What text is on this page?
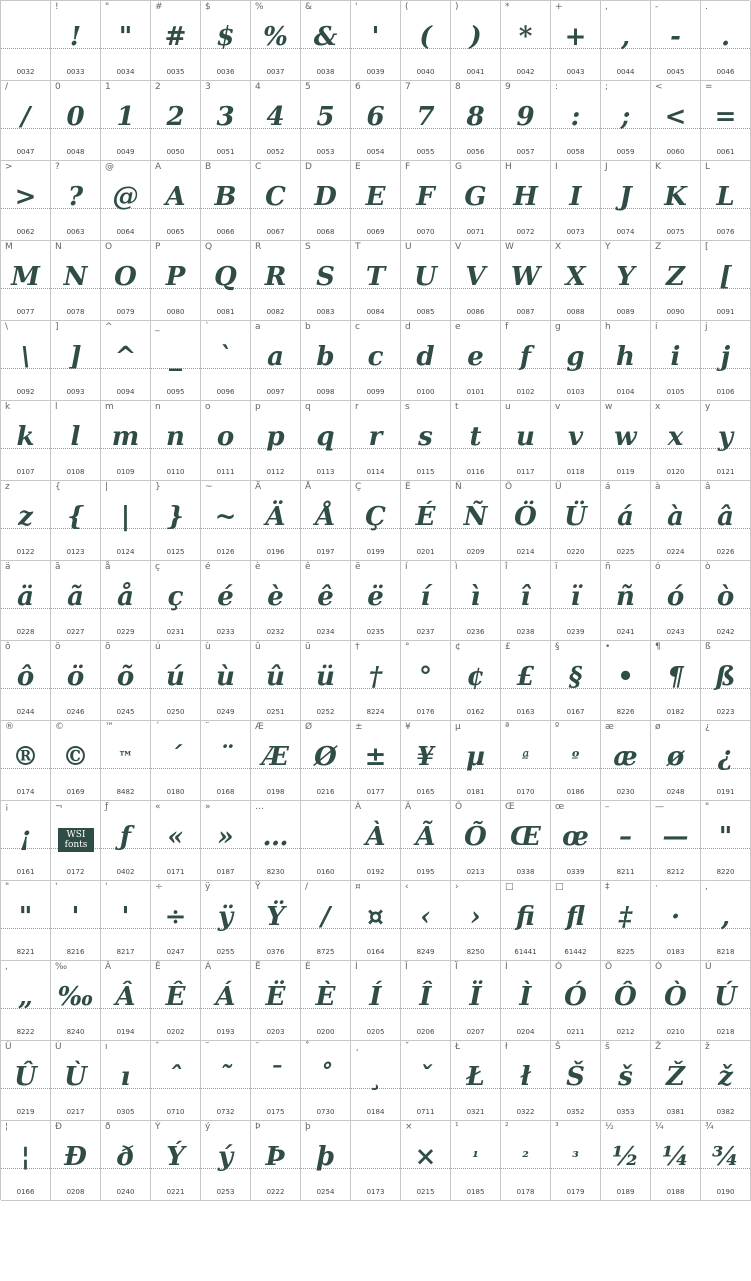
0032
!
!
0033
"
"
0034
#
#
0035
$
$
0036
%
%
0037
&
&
0038
'
'
0039
(
(
0040
)
)
0041
*
*
0042
+
+
0043
,
,
0044
-
-
0045
.
.
0046
/
/
0047
0
0
0048
1
1
0049
2
2
0050
3
3
0051
4
4
0052
5
5
0053
6
6
0054
7
7
0055
8
8
0056
9
9
0057
:
:
0058
;
;
0059
<
<
0060
=
=
0061
>
>
0062
?
?
0063
@
@
0064
A
A
0065
B
B
0066
C
C
0067
D
D
0068
E
E
0069
F
F
0070
G
G
0071
H
H
0072
I
I
0073
J
J
0074
K
K
0075
L
L
0076
M
M
0077
N
N
0078
O
O
0079
P
P
0080
Q
Q
0081
R
R
0082
S
S
0083
T
T
0084
U
U
0085
V
V
0086
W
W
0087
X
X
0088
Y
Y
0089
Z
Z
0090
[
[
0091
\
\
0092
]
]
0093
^
^
0094
_
_
0095
`
`
0096
a
a
0097
b
b
0098
c
c
0099
d
d
0100
e
e
0101
f
f
0102
g
g
0103
h
h
0104
i
i
0105
j
j
0106
k
k
0107
l
l
0108
m
m
0109
n
n
0110
o
o
0111
p
p
0112
q
q
0113
r
r
0114
s
s
0115
t
t
0116
u
u
0117
v
v
0118
w
w
0119
x
x
0120
y
y
0121
z
z
0122
{
{
0123
|
|
0124
}
}
0125
~
~
0126
Ä
Ä
0196
Å
Å
0197
Ç
Ç
0199
É
É
0201
Ñ
Ñ
0209
Ö
Ö
0214
Ü
Ü
0220
á
á
0225
à
à
0224
â
â
0226
ä
ä
0228
ã
ã
0227
å
å
0229
ç
ç
0231
é
é
0233
è
è
0232
ê
ê
0234
ë
ë
0235
í
í
0237
ì
ì
0236
î
î
0238
ï
ï
0239
ñ
ñ
0241
ó
ó
0243
ò
ò
0242
ô
ô
0244
ö
ö
0246
õ
õ
0245
ú
ú
0250
ù
ù
0249
û
û
0251
ü
ü
0252
†
†
8224
°
°
0176
¢
¢
0162
£
£
0163
§
§
0167
•
•
8226
¶
¶
0182
ß
ß
0223
®
®
0174
©
©
0169
™
™
8482
´
´
0180
¨
¨
0168
Æ
Æ
0198
Ø
Ø
0216
±
±
0177
¥
¥
0165
µ
µ
0181
ª
ª
0170
º
º
0186
æ
æ
0230
ø
ø
0248
¿
¿
0191
¡
¡
0161
¬
WSI fonts
0172
ƒ
ƒ
0402
«
«
0171
»
»
0187
…
…
8230	0160
À
À
0192
Ã
Ã
0195
Õ
Õ
0213
Œ
Œ
0338
œ
œ
0339
–
–
8211
—
—
8212
"
"
8220
"
"
8221
'
'
8216
'
'
8217
÷
÷
0247
ÿ
ÿ
0255
Ÿ
Ÿ
0376
/
/
8725
¤
¤
0164
‹
‹
8249
›
›
8250
□
fi
61441
□
fl
61442
‡
‡
8225
·
·
0183
,
,
8218
,
„
8222
‰
‰
8240
Â
Â
0194
Ê
Ê
0202
Á
Á
0193
Ë
Ë
0203
È
È
0200
Í
Í
0205
Î
Î
0206
Ï
Ï
0207
Ì
Ì
0204
Ó
Ó
0211
Ô
Ô
0212
Ò
Ò
0210
Ú
Ú
0218
Û
Û
0219
Ù
Ù
0217
ı
ı
0305
ˆ
ˆ
0710
˜
˜
0732
¯
¯
0175
˚
˚
0730
¸
¸
0184
ˇ
ˇ
0711
Ł
Ł
0321
ł
ł
0322
Š
Š
0352
š
š
0353
Ž
Ž
0381
ž
ž
0382
¦
¦
0166
Ð
Ð
0208
ð
ð
0240
Ý
Ý
0221
ý
ý
0253
Þ
Þ
0222
þ
þ
0254	0173
×
×
0215
¹
¹
0185
²
²
0178
³
³
0179
½
½
0189
¼
¼
0188
¾
¾
0190
